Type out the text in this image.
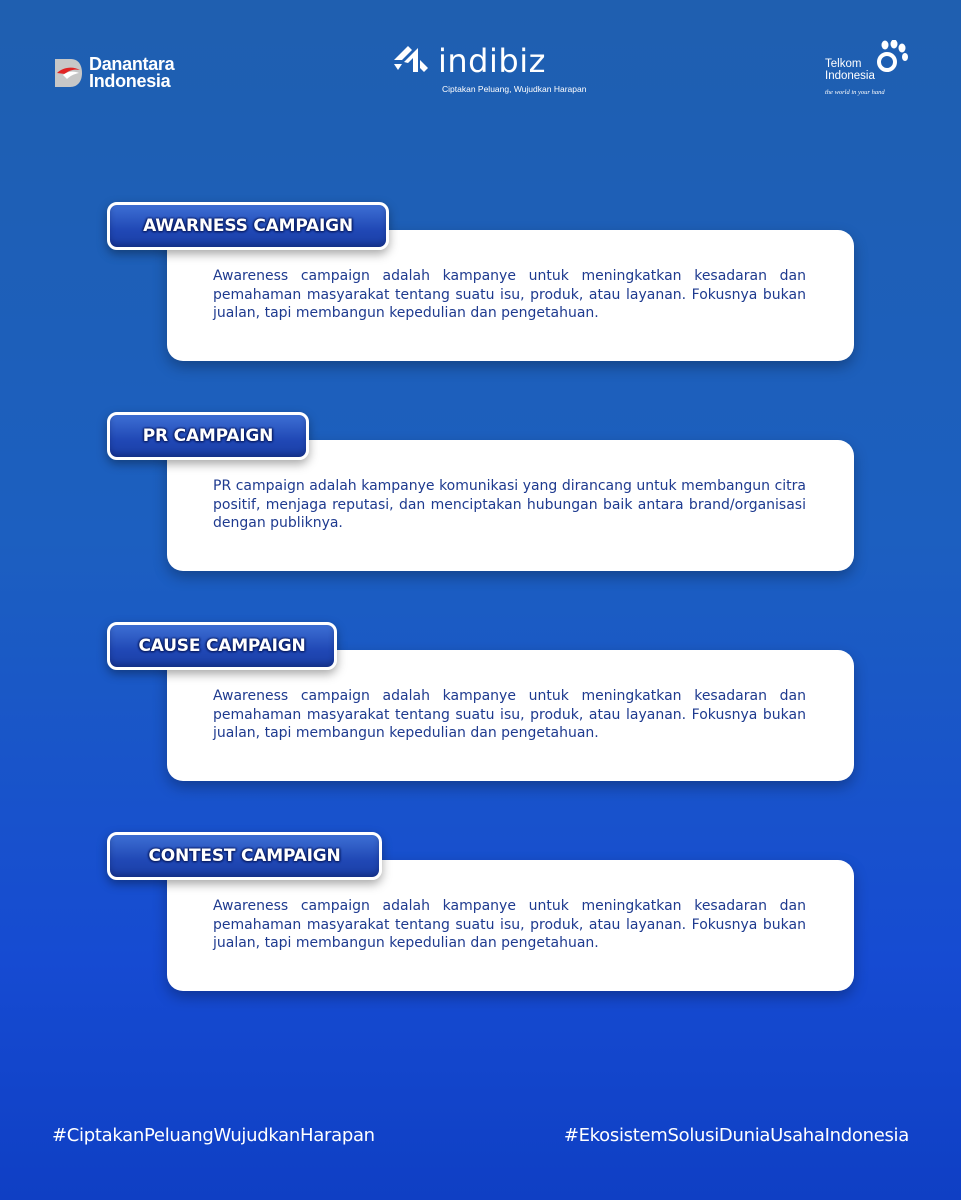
Danantara
Indonesia
indibiz
Ciptakan Peluang, Wujudkan Harapan
Telkom
Indonesia
the world in your hand

Awareness campaign adalah kampanye untuk meningkatkan kesadaran dan pemahaman masyarakat tentang suatu isu, produk, atau layanan. Fokusnya bukan jualan, tapi membangun kepedulian dan pengetahuan.

AWARNESS CAMPAIGN

PR campaign adalah kampanye komunikasi yang dirancang untuk membangun citra positif, menjaga reputasi, dan menciptakan hubungan baik antara brand/organisasi dengan publiknya.

PR CAMPAIGN

Awareness campaign adalah kampanye untuk meningkatkan kesadaran dan pemahaman masyarakat tentang suatu isu, produk, atau layanan. Fokusnya bukan jualan, tapi membangun kepedulian dan pengetahuan.

CAUSE CAMPAIGN

Awareness campaign adalah kampanye untuk meningkatkan kesadaran dan pemahaman masyarakat tentang suatu isu, produk, atau layanan. Fokusnya bukan jualan, tapi membangun kepedulian dan pengetahuan.

CONTEST CAMPAIGN
#CiptakanPeluangWujudkanHarapan	#EkosistemSolusiDuniaUsahaIndonesia
